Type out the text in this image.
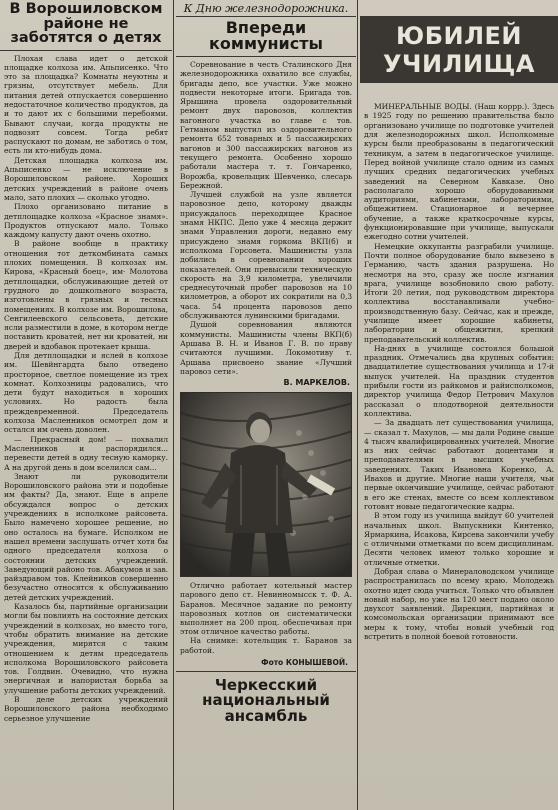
В Ворошиловском районе не заботятся о детях

Плохая слава идет о детской площадке колхоза им. Апьписенко. Что это за площадка? Комнаты неуютны и грязны, отсутствует мебель. Для питания детей отпускается совершенно недостаточное количество продуктов, да и то дают их с большими перебоями. Бывают случаи, когда продукты не подвозят совсем. Тогда ребят распускают по домам, не заботясь о том, есть ли кто-нибудь дома.

Детская площадка колхоза им. Апьписенко — не исключение в Ворошиловском районе. Хороших детских учреждений в районе очень мало, зато плохих — сколько угодно.

Плохо организовано питание в детплощадке колхоза «Красное знамя». Продуктов отпускают мало. Только каждому капусту дают очень охотно.

В районе вообще в практику отношения тот деткомбината самых плохих помещения. В колхозах им. Кирова, «Красный боец», им· Молотова детплощадки, обслуживающие детей от грудного до дошкольного возраста, изготовлены в грязных и тесных помещениях. В колхозе им. Ворошилова, Сенгилеевского сельсовета, детские ясли разместили в доме, в котором негде поставить кроватей, нет ни кроватей, ни дверей и вдобавок протекает крыша.

Для детплощадки и яслей в колхозе им. Шевйнгардта было отведено просторное, светлое помещение из трех комнат. Колхозницы радовались, что дети будут находиться в хороших условиях. Но радость была преждевременной. Председатель колхоза Масленников осмотрел дом и остался им очень доволен.

— Прекрасный дом! — похвалил Масленников и распорядился... перевести детей в одну тесную каморку. А на другой день в дом вселился сам...

Знают ли руководители Ворошиловского района эти и подобные им факты? Да, знают. Еще в апреле обсуждался вопрос о детских учреждениях в исполкоме райсовета. Было намечено хорошее решение, но оно осталось на бумаге. Исполком не нашел времени заслушать отчет хотя бы одного председателя колхоза о состоянии детских учреждений. Заведующий районо тов. Абакумов и зав. райздравом тов. Клейников совершенно безучастно относятся к обслуживанию детей детских учреждений.

Казалось бы, партийные организации могли бы повлиять на состояние детских учреждений в колхозах, но вместо того, чтобы обратить внимание на детские учреждения, мирятся с таким отношением к детям председатель исполкома Ворошиловского райсовета тов. Голдвин. Очевидно, что нужна энергичная и напористая борьба за улучшение работы детских учреждений.

В деле детских учреждений Ворошиловского района необходимо серьезное улучшение

К Дню железнодорожника.
Впереди коммунисты

Соревнование в честь Сталинского Дня железнодорожника охватило все службы, бригады депо, все участки. Уже можно подвести некоторые итоги. Бригада тов. Ярышина провела оздоровительный ремонт двух паровозов, коллектив вагонного участка во главе с тов. Гетманом выпустил из оздоровительного ремонта 652 товарных и 5 пассажирских вагонов и 300 пассажирских вагонов из текущего ремонта. Особенно хорошо работали мастера т. т. Гончаренко, Ворожба, кровельщик Шевченко, слесарь Бережной.

Лучшей службой на узле является паровозное депо, которому дважды присуждалось переходящее Красное знамя НКПС. Депо уже 4 месяца держит знамя Управления дороги, недавно ему присуждено знамя горкома ВКП(б) и исполкома Горсовета. Машинисты узла добились в соревновании хороших показателей. Они превысили техническую скорость на 3,9 километра, увеличили среднесуточный пробег паровозов на 10 километров, а оборот их сократили на 0,3 часа. 54 процента паровозов депо обслуживаются лунинскими бригадами.

Душой соревнования являются коммунисты. Машинисты члены ВКП(б) Аршава В. Н. и Иванов Г. В. по праву считаются лучшими. Локомотиву т. Аршава присвоено звание «Лучший паровоз сети».

В. МАРКЕЛОВ.

Отлично работает котельный мастер парового депо ст. Невинномысск т. Ф. А. Баранов. Месячное задание по ремонту паровозных котлов он систематически выполняет на 200 проц. обеспечивая при этом отличное качество работы.

На снимке: котельщик т. Баранов за работой.

Фото КОНЫШЕВОЙ.
Черкесский национальный ансамбль
ЮБИЛЕЙ УЧИЛИЩА

МИНЕРАЛЬНЫЕ ВОДЫ. (Наш коррр.). Здесь в 1925 году по решению правительства было организовано училище по подготовке учителей для железнодорожных школ. Исполкомные курсы были преобразованы в педагогический техникум, а затем в педагогическое училище. Перед войной училище стало одним из самых лучших средних педагогических учебных заведений на Северном Кавказе. Оно располагало хорошо оборудованными аудиториями, кабинетами, лабораториями, общежитием. Стационарное и вечернее обучение, а также краткосрочные курсы, функционировавшие при училище, выпускали ежегодно сотни учителей.

Немецкие оккупанты разграбили училище. Почти полное оборудование было вывезено в Германию, часть здания разрушена. Но несмотря на это, сразу же после изгнания врага, училище возобновило свою работу. Итоги 20 летия, под руководством директора коллектива восстанавливали учебно-производственную базу. Сейчас, как и прежде, училище имеет хорошие кабинеты, лаборатории и общежития, крепкий преподавательский коллектив.

На-днях в училище состоялся большой праздник. Отмечались два крупных события: двадцатилетие существования училища и 17-й выпуск учителей. На праздник студентов прибыли гости из райкомов и райисполкомов, директор училища Федор Петрович Махулов рассказал о плодотворной деятельности коллектива.

— За двадцать лет существования училища, — сказал т. Махулов, — мы дали Родине свыше 4 тысяч квалифицированных учителей. Многие из них сейчас работают доцентами и преподавателями в высших учебных заведениях. Таких Ивановна Коренко, А. Ивахов и другие. Многие наши учителя, чьи первые окончившие училище, сейчас работают в его же стенах, вместе со всем коллективом готовят новые педагогические кадры.

В этом году из училища выйдут 60 учителей начальных школ. Выпускники Кинтенко, Ярмаркина, Исакова, Кирсева закончили учебу с отличными отметками по всем дисциплинам. Десяти человек имеют только хорошие и отличные отметки.

Добрая слава о Минераловодском училище распространилась по всему краю. Молодежь охотно идет сюда учиться. Только что объявлен новый набор, но уже на 120 мест подано около двухсот заявлений. Дирекция, партийная и комсомольская организации принимают все меры к тому, чтобы новый учебный год встретить в полной боевой готовности.
